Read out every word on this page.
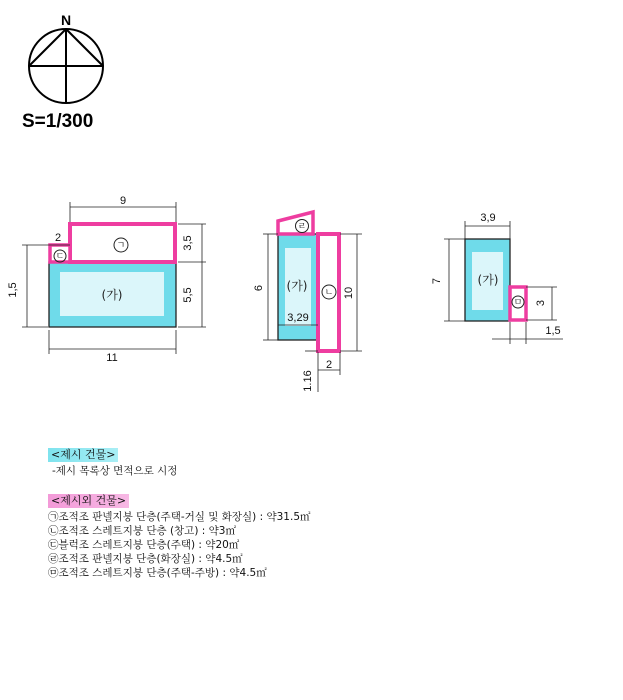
N
S=1/300
9
2	3,5
1,5	5,5
11
(가)
ㄱ
ㄷ
6
3,29
10
2
1.16
(가) ㄴ
ㄹ
3,9
7
3
1,5
(가)
ㅁ
<제시 건물>
-제시 목록상 면적으로 시정
<제시외 건물>
㉠조적조 판넬지붕 단층(주택-거실 및 화장실) : 약31.5㎡
㉡조적조 스레트지붕 단층 (창고) : 약3㎡
㉢블럭조 스레트지붕 단층(주택) : 약20㎡
㉣조적조 판넬지붕 단층(화장실) : 약4.5㎡
㉤조적조 스레트지붕 단층(주택-주방) : 약4.5㎡
